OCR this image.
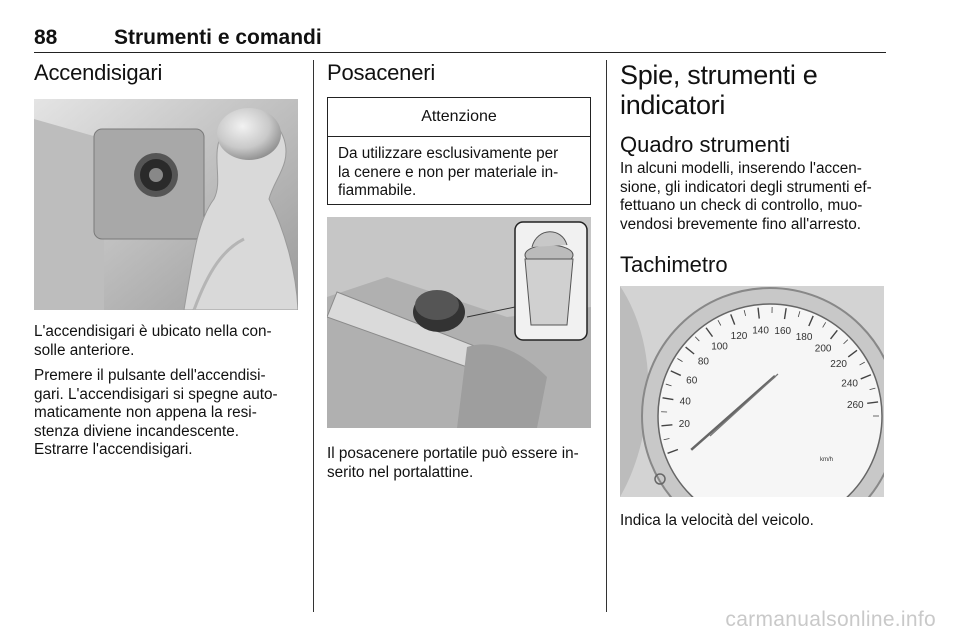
88	Strumenti e comandi
Accendisigari

L'accendisigari è ubicato nella con-
solle anteriore.

Premere il pulsante dell'accendisi-
gari. L'accendisigari si spegne auto-
maticamente non appena la resi-
stenza diviene incandescente.
Estrarre l'accendisigari.

Posaceneri
Attenzione
Da utilizzare esclusivamente per
la cenere e non per materiale in-
fiammabile.

Il posacenere portatile può essere in-
serito nel portalattine.

Spie, strumenti e
indicatori
Quadro strumenti

In alcuni modelli, inserendo l'accen-
sione, gli indicatori degli strumenti ef-
fettuano un check di controllo, muo-
vendosi brevemente fino all'arresto.

Tachimetro
20
40
60
80
100
120 140 160
180
200
220
240
260
km/h

Indica la velocità del veicolo.

carmanualsonline.info
